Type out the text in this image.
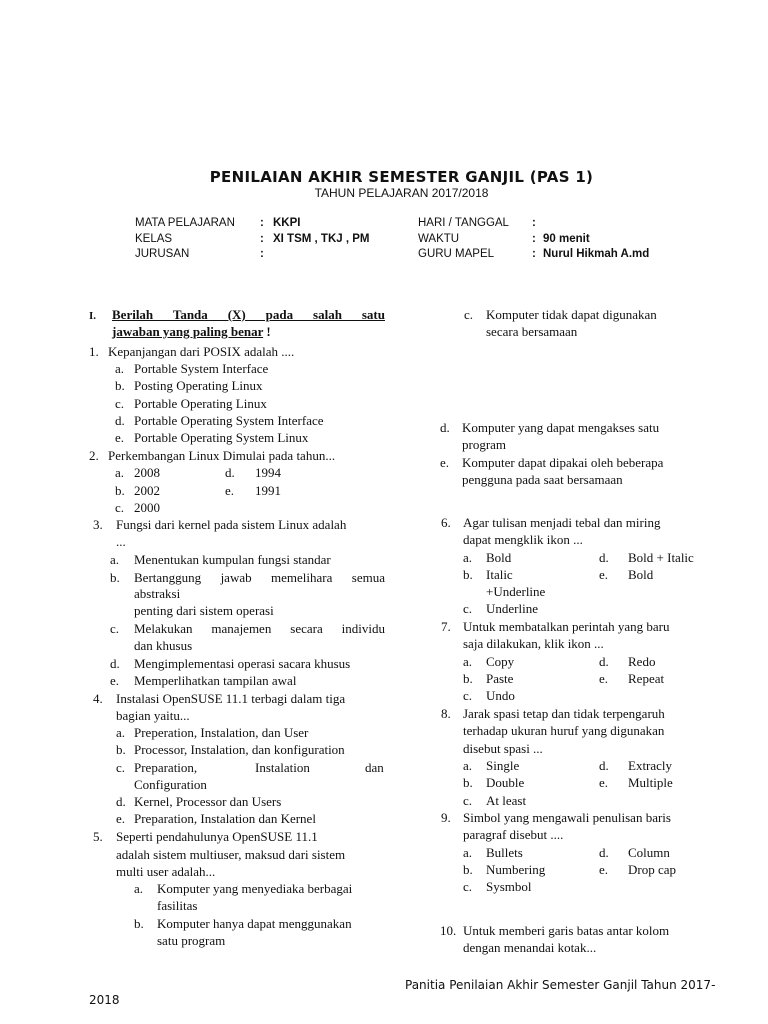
PENILAIAN AKHIR SEMESTER GANJIL (PAS 1)
TAHUN PELAJARAN 2017/2018
MATA PELAJARAN : KKPI
KELAS	: XI TSM , TKJ , PM
JURUSAN	:
HARI / TANGGAL :
WAKTU	: 90 menit
GURU MAPEL	: Nurul Hikmah A.md
I. Berilah Tanda (X) pada salah satu
jawaban yang paling benar !
1. Kepanjangan dari POSIX adalah ....
a. Portable System Interface
b. Posting Operating Linux
c. Portable Operating Linux
d. Portable Operating System Interface
e. Portable Operating System Linux
2. Perkembangan Linux Dimulai pada tahun...
a. 2008	d. 1994
b. 2002	e. 1991
c. 2000
3. Fungsi dari kernel pada sistem Linux adalah
...
a. Menentukan kumpulan fungsi standar
b. Bertanggung jawab memelihara semua
abstraksi
penting dari sistem operasi
c. Melakukan manajemen secara individu
dan khusus
d. Mengimplementasi operasi sacara khusus
e. Memperlihatkan tampilan awal
4. Instalasi OpenSUSE 11.1 terbagi dalam tiga
bagian yaitu...
a. Preperation, Instalation, dan User
b. Processor, Instalation, dan konfiguration
c. Preparation,	Instalation	dan
Configuration
d. Kernel, Processor dan Users
e. Preparation, Instalation dan Kernel
5. Seperti pendahulunya OpenSUSE 11.1
adalah sistem multiuser, maksud dari sistem
multi user adalah...
a. Komputer yang menyediaka berbagai
fasilitas
b. Komputer hanya dapat menggunakan
satu program
c. Komputer tidak dapat digunakan
secara bersamaan
d. Komputer yang dapat mengakses satu
program
e. Komputer dapat dipakai oleh beberapa
pengguna pada saat bersamaan
6. Agar tulisan menjadi tebal dan miring
dapat mengklik ikon ...
a. Bold	d. Bold + Italic
b. Italic
+Underline
e. Bold
c. Underline
7. Untuk membatalkan perintah yang baru
saja dilakukan, klik ikon ...
a. Copy	d. Redo
b. Paste	e. Repeat
c. Undo
8. Jarak spasi tetap dan tidak terpengaruh
terhadap ukuran huruf yang digunakan
disebut spasi ...
a. Single	d. Extracly
b. Double	e. Multiple
c. At least
9. Simbol yang mengawali penulisan baris
paragraf disebut ....
a. Bullets	d. Column
b. Numbering	e. Drop cap
c. Sysmbol
10. Untuk memberi garis batas antar kolom
dengan menandai kotak...
Panitia Penilaian Akhir Semester Ganjil Tahun 2017-
2018
